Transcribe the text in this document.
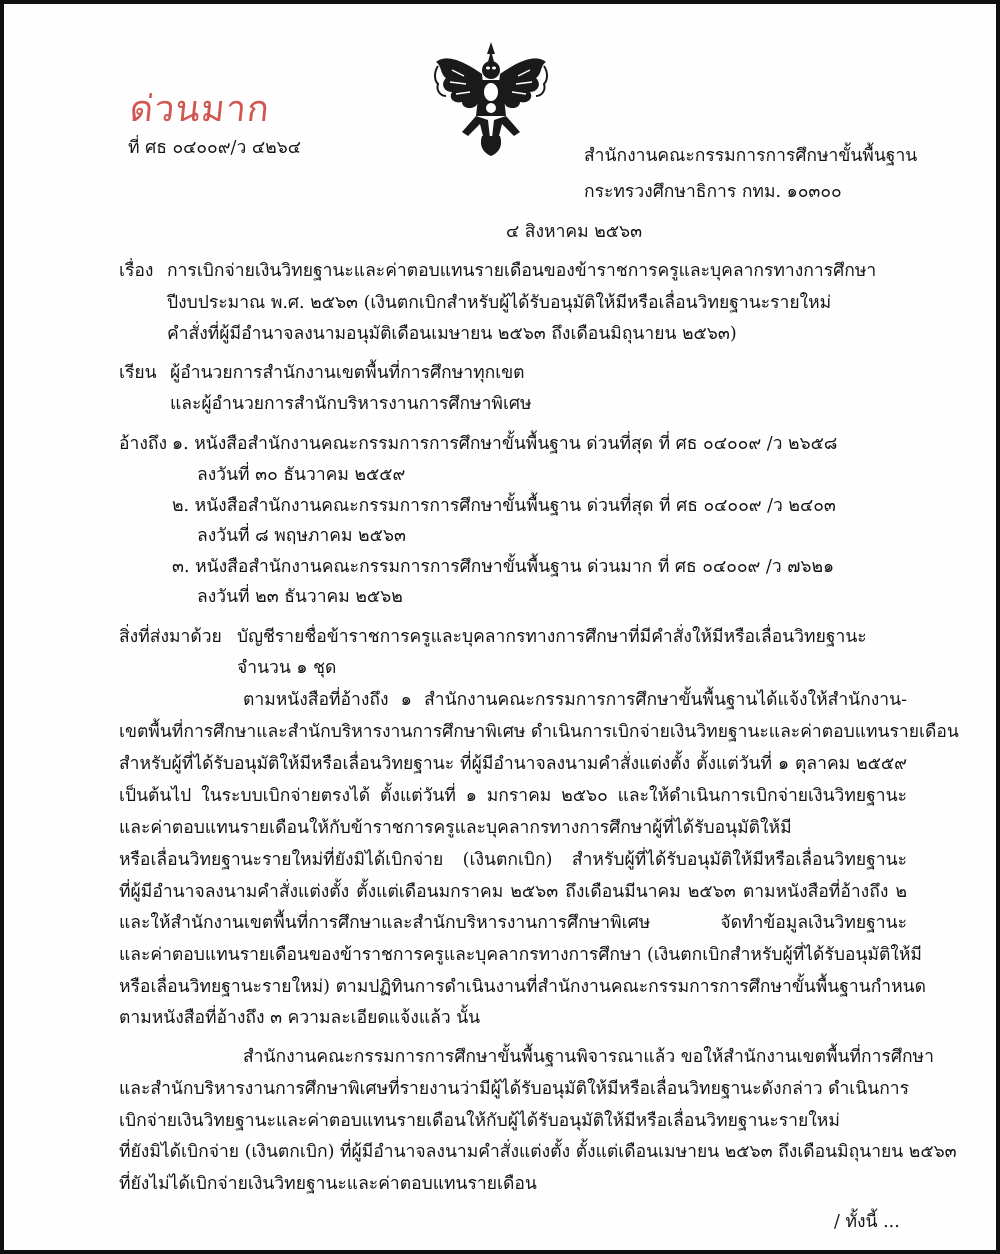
ด่วนมาก
ที่ ศธ ๐๔๐๐๙/ว ๔๒๖๔	สำนักงานคณะกรรมการการศึกษาขั้นพื้นฐาน
กระทรวงศึกษาธิการ กทม. ๑๐๓๐๐
๔ สิงหาคม ๒๕๖๓
เรื่อง การเบิกจ่ายเงินวิทยฐานะและค่าตอบแทนรายเดือนของข้าราชการครูและบุคลากรทางการศึกษา
ปีงบประมาณ พ.ศ. ๒๕๖๓ (เงินตกเบิกสำหรับผู้ได้รับอนุมัติให้มีหรือเลื่อนวิทยฐานะรายใหม่
คำสั่งที่ผู้มีอำนาจลงนามอนุมัติเดือนเมษายน ๒๕๖๓ ถึงเดือนมิถุนายน ๒๕๖๓)
เรียน ผู้อำนวยการสำนักงานเขตพื้นที่การศึกษาทุกเขต
และผู้อำนวยการสำนักบริหารงานการศึกษาพิเศษ
อ้างถึง ๑. หนังสือสำนักงานคณะกรรมการการศึกษาขั้นพื้นฐาน ด่วนที่สุด ที่ ศธ ๐๔๐๐๙ /ว ๒๖๕๘
ลงวันที่ ๓๐ ธันวาคม ๒๕๕๙
๒. หนังสือสำนักงานคณะกรรมการการศึกษาขั้นพื้นฐาน ด่วนที่สุด ที่ ศธ ๐๔๐๐๙ /ว ๒๔๐๓
ลงวันที่ ๘ พฤษภาคม ๒๕๖๓
๓. หนังสือสำนักงานคณะกรรมการการศึกษาขั้นพื้นฐาน ด่วนมาก ที่ ศธ ๐๔๐๐๙ /ว ๗๖๒๑
ลงวันที่ ๒๓ ธันวาคม ๒๕๖๒
สิ่งที่ส่งมาด้วย บัญชีรายชื่อข้าราชการครูและบุคลากรทางการศึกษาที่มีคำสั่งให้มีหรือเลื่อนวิทยฐานะ
จำนวน ๑ ชุด
ตามหนังสือที่อ้างถึง ๑ สำนักงานคณะกรรมการการศึกษาขั้นพื้นฐานได้แจ้งให้สำนักงาน-
เขตพื้นที่การศึกษาและสำนักบริหารงานการศึกษาพิเศษ ดำเนินการเบิกจ่ายเงินวิทยฐานะและค่าตอบแทนรายเดือน
สำหรับผู้ที่ได้รับอนุมัติให้มีหรือเลื่อนวิทยฐานะ ที่ผู้มีอำนาจลงนามคำสั่งแต่งตั้ง ตั้งแต่วันที่ ๑ ตุลาคม ๒๕๕๙
เป็นต้นไป ในระบบเบิกจ่ายตรงได้ ตั้งแต่วันที่ ๑ มกราคม ๒๕๖๐ และให้ดำเนินการเบิกจ่ายเงินวิทยฐานะ
และค่าตอบแทนรายเดือนให้กับข้าราชการครูและบุคลากรทางการศึกษาผู้ที่ได้รับอนุมัติให้มี
หรือเลื่อนวิทยฐานะรายใหม่ที่ยังมิได้เบิกจ่าย (เงินตกเบิก) สำหรับผู้ที่ได้รับอนุมัติให้มีหรือเลื่อนวิทยฐานะ
ที่ผู้มีอำนาจลงนามคำสั่งแต่งตั้ง ตั้งแต่เดือนมกราคม ๒๕๖๓ ถึงเดือนมีนาคม ๒๕๖๓ ตามหนังสือที่อ้างถึง ๒
และให้สำนักงานเขตพื้นที่การศึกษาและสำนักบริหารงานการศึกษาพิเศษ จัดทำข้อมูลเงินวิทยฐานะ
และค่าตอบแทนรายเดือนของข้าราชการครูและบุคลากรทางการศึกษา (เงินตกเบิกสำหรับผู้ที่ได้รับอนุมัติให้มี
หรือเลื่อนวิทยฐานะรายใหม่) ตามปฏิทินการดำเนินงานที่สำนักงานคณะกรรมการการศึกษาขั้นพื้นฐานกำหนด
ตามหนังสือที่อ้างถึง ๓ ความละเอียดแจ้งแล้ว นั้น
สำนักงานคณะกรรมการการศึกษาขั้นพื้นฐานพิจารณาแล้ว ขอให้สำนักงานเขตพื้นที่การศึกษา
และสำนักบริหารงานการศึกษาพิเศษที่รายงานว่ามีผู้ได้รับอนุมัติให้มีหรือเลื่อนวิทยฐานะดังกล่าว ดำเนินการ
เบิกจ่ายเงินวิทยฐานะและค่าตอบแทนรายเดือนให้กับผู้ได้รับอนุมัติให้มีหรือเลื่อนวิทยฐานะรายใหม่
ที่ยังมิได้เบิกจ่าย (เงินตกเบิก) ที่ผู้มีอำนาจลงนามคำสั่งแต่งตั้ง ตั้งแต่เดือนเมษายน ๒๕๖๓ ถึงเดือนมิถุนายน ๒๕๖๓
ที่ยังไม่ได้เบิกจ่ายเงินวิทยฐานะและค่าตอบแทนรายเดือน
/ ทั้งนี้ ...
